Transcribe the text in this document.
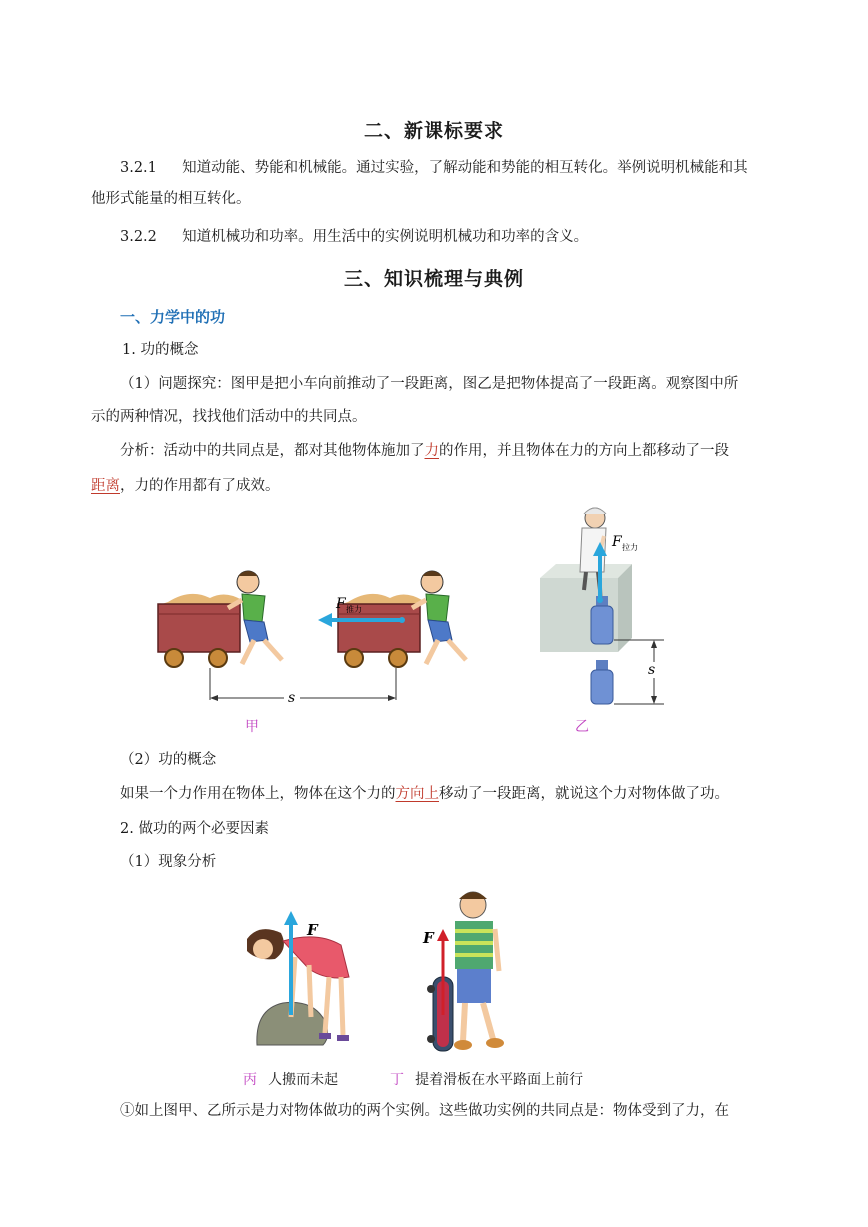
二、新课标要求
3.2.1 知道动能、势能和机械能。通过实验，了解动能和势能的相互转化。举例说明机械能和其
他形式能量的相互转化。
3.2.2 知道机械功和功率。用生活中的实例说明机械功和功率的含义。
三、知识梳理与典例
一、力学中的功
1. 功的概念
（1）问题探究：图甲是把小车向前推动了一段距离，图乙是把物体提高了一段距离。观察图中所
示的两种情况，找找他们活动中的共同点。
分析：活动中的共同点是，都对其他物体施加了力的作用，并且物体在力的方向上都移动了一段
距离，力的作用都有了成效。
F 推力
s
甲
F 拉力
s
乙
（2）功的概念
如果一个力作用在物体上，物体在这个力的方向上移动了一段距离，就说这个力对物体做了功。
2. 做功的两个必要因素
（1）现象分析
F	F
丙 人搬而未起	丁 提着滑板在水平路面上前行
①如上图甲、乙所示是力对物体做功的两个实例。这些做功实例的共同点是：物体受到了力，在
